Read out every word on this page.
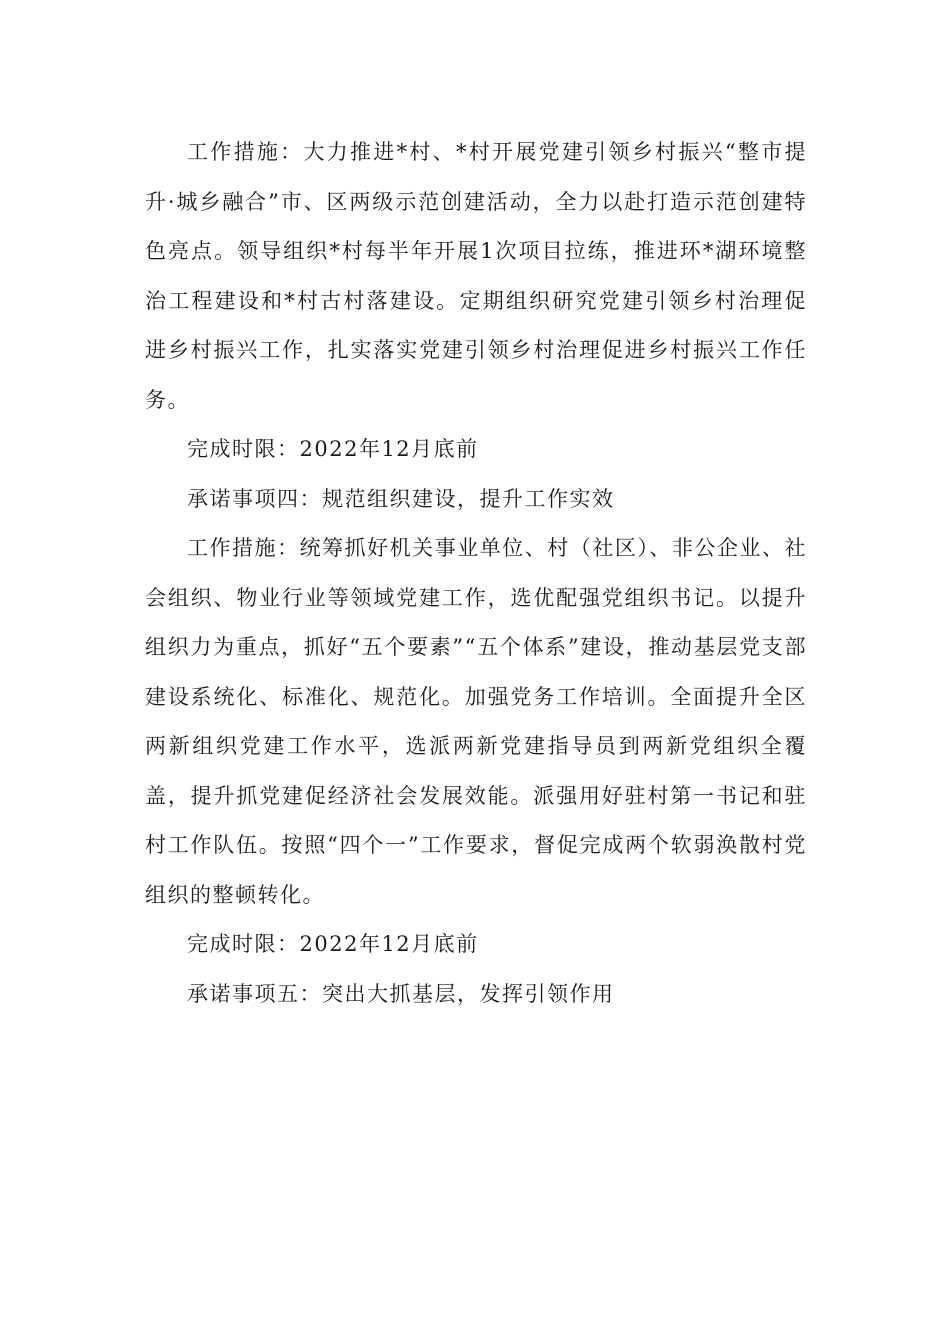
工作措施：大力推进*村、*村开展党建引领乡村振兴“整市提升·城乡融合”市、区两级示范创建活动，全力以赴打造示范创建特色亮点。领导组织*村每半年开展1次项目拉练，推进环*湖环境整治工程建设和*村古村落建设。定期组织研究党建引领乡村治理促进乡村振兴工作，扎实落实党建引领乡村治理促进乡村振兴工作任务。

完成时限：2022年12月底前

承诺事项四：规范组织建设，提升工作实效

工作措施：统筹抓好机关事业单位、村（社区）、非公企业、社会组织、物业行业等领域党建工作，选优配强党组织书记。以提升组织力为重点，抓好“五个要素”“五个体系”建设，推动基层党支部建设系统化、标准化、规范化。加强党务工作培训。全面提升全区两新组织党建工作水平，选派两新党建指导员到两新党组织全覆盖，提升抓党建促经济社会发展效能。派强用好驻村第一书记和驻村工作队伍。按照“四个一”工作要求，督促完成两个软弱涣散村党组织的整顿转化。

完成时限：2022年12月底前

承诺事项五：突出大抓基层，发挥引领作用
